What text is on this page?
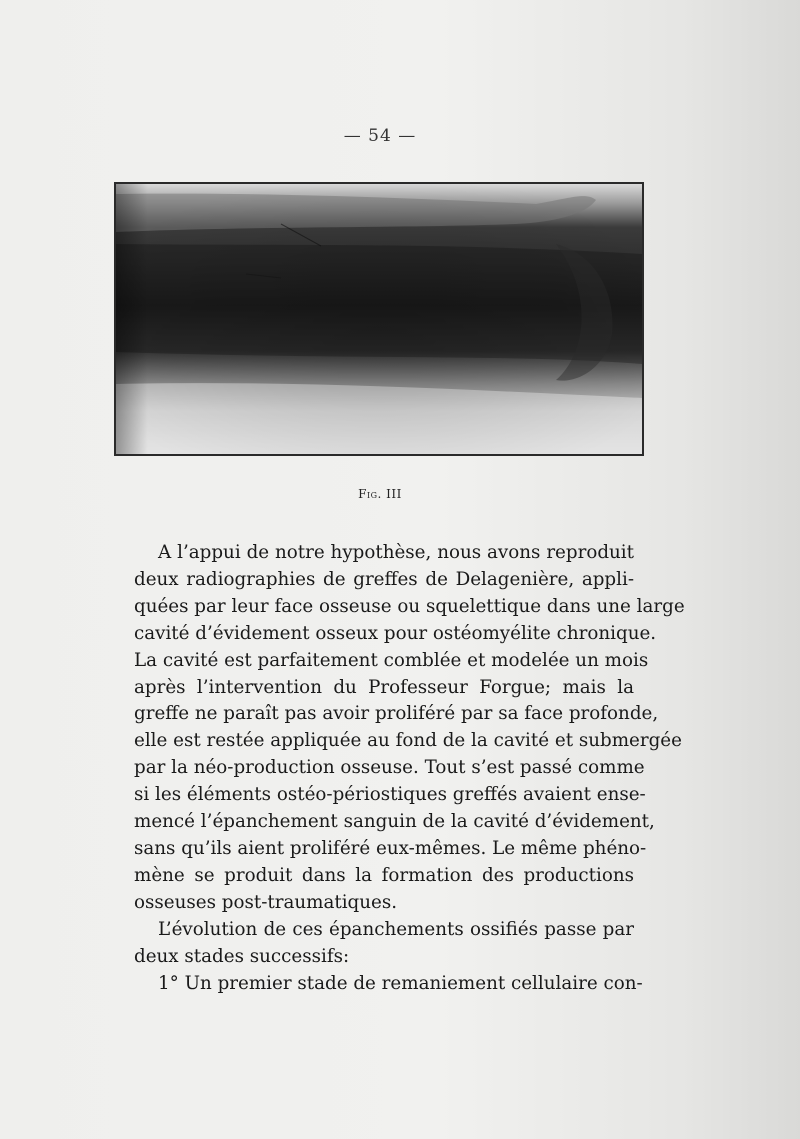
— 54 —
Fig. III

A l’appui de notre hypothèse, nous avons reproduit
deux radiographies de greffes de Delagenière, appli-
quées par leur face osseuse ou squelettique dans une large
cavité d’évidement osseux pour ostéomyélite chronique.
La cavité est parfaitement comblée et modelée un mois
après l’intervention du Professeur Forgue; mais la
greffe ne paraît pas avoir proliféré par sa face profonde,
elle est restée appliquée au fond de la cavité et submergée
par la néo-production osseuse. Tout s’est passé comme
si les éléments ostéo-périostiques greffés avaient ense-
mencé l’épanchement sanguin de la cavité d’évidement,
sans qu’ils aient proliféré eux-mêmes. Le même phéno-
mène se produit dans la formation des productions
osseuses post-traumatiques.

L’évolution de ces épanchements ossifiés passe par
deux stades successifs:

1° Un premier stade de remaniement cellulaire con-
